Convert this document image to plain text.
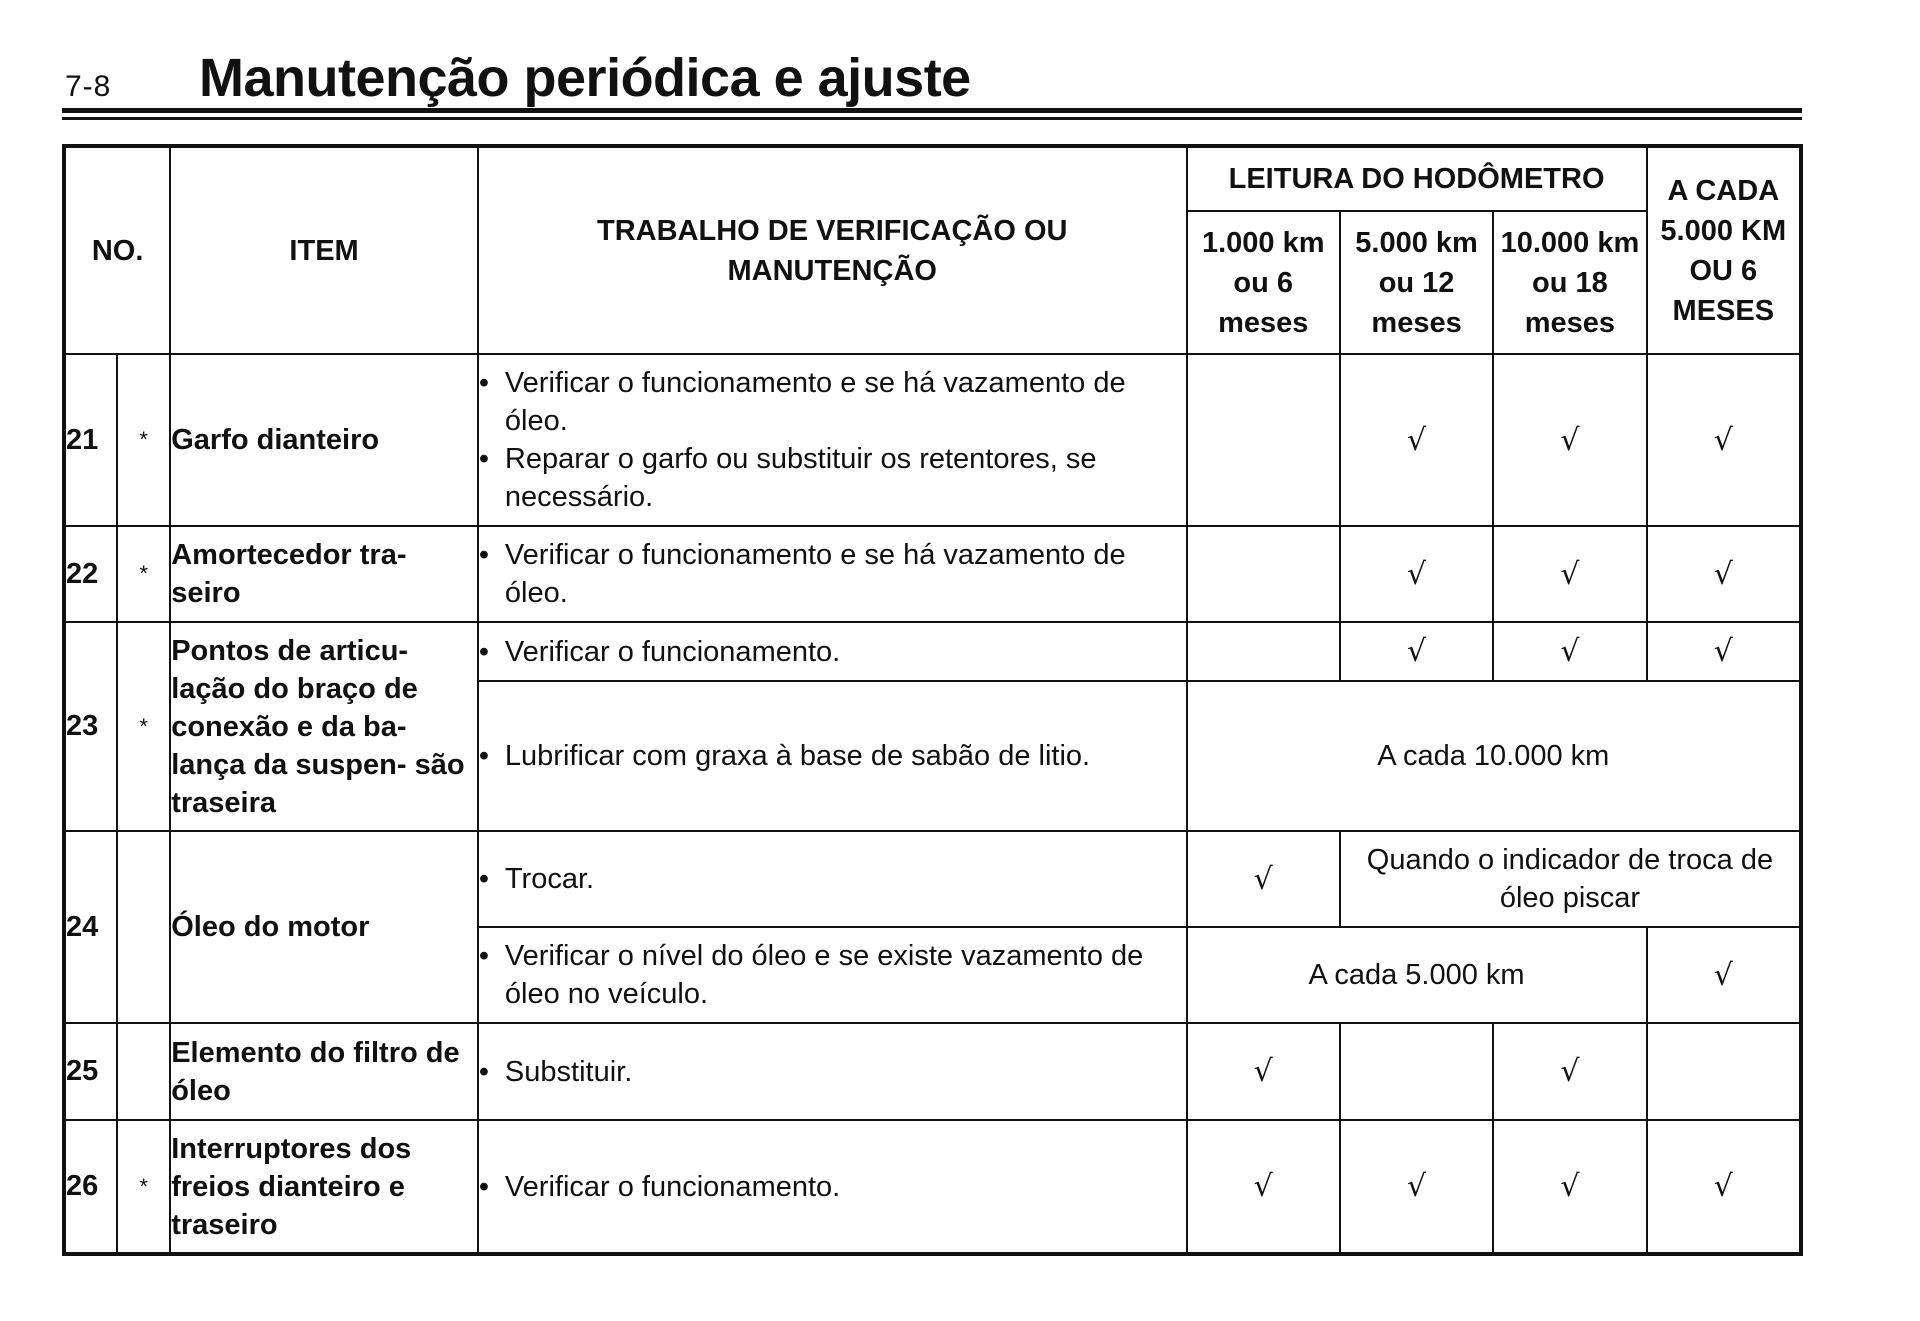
7-8 Manutenção periódica e ajuste
NO.		ITEM	TRABALHO DE VERIFICAÇÃO OU MANUTENÇÃO	LEITURA DO HODÔMETRO			A CADA 5.000 KM OU 6 MESES
				1.000 km ou 6 meses	5.000 km ou 12 meses	10.000 km ou 18 meses	
21	*	Garfo dianteiro	• Verificar o funcionamento e se há vazamento de óleo.
• Reparar o garfo ou substituir os retentores, se necessário.		√	√	√
22	*	Amortecedor tra- seiro	• Verificar o funcionamento e se há vazamento de óleo.		√	√	√
23	*	Pontos de articu- lação do braço de conexão e da ba- lança da suspen- são traseira	• Verificar o funcionamento.		√	√	√

			• Lubrificar com graxa à base de sabão de litio.	A cada 10.000 km			
24		Óleo do motor	• Trocar.	√	Quando o indicador de troca de óleo piscar		

			• Verificar o nível do óleo e se existe vazamento de óleo no veículo.	A cada 5.000 km			√
25		Elemento do filtro de óleo	• Substituir.	√		√	
26	*	Interruptores dos freios dianteiro e traseiro	• Verificar o funcionamento.	√	√	√	√
